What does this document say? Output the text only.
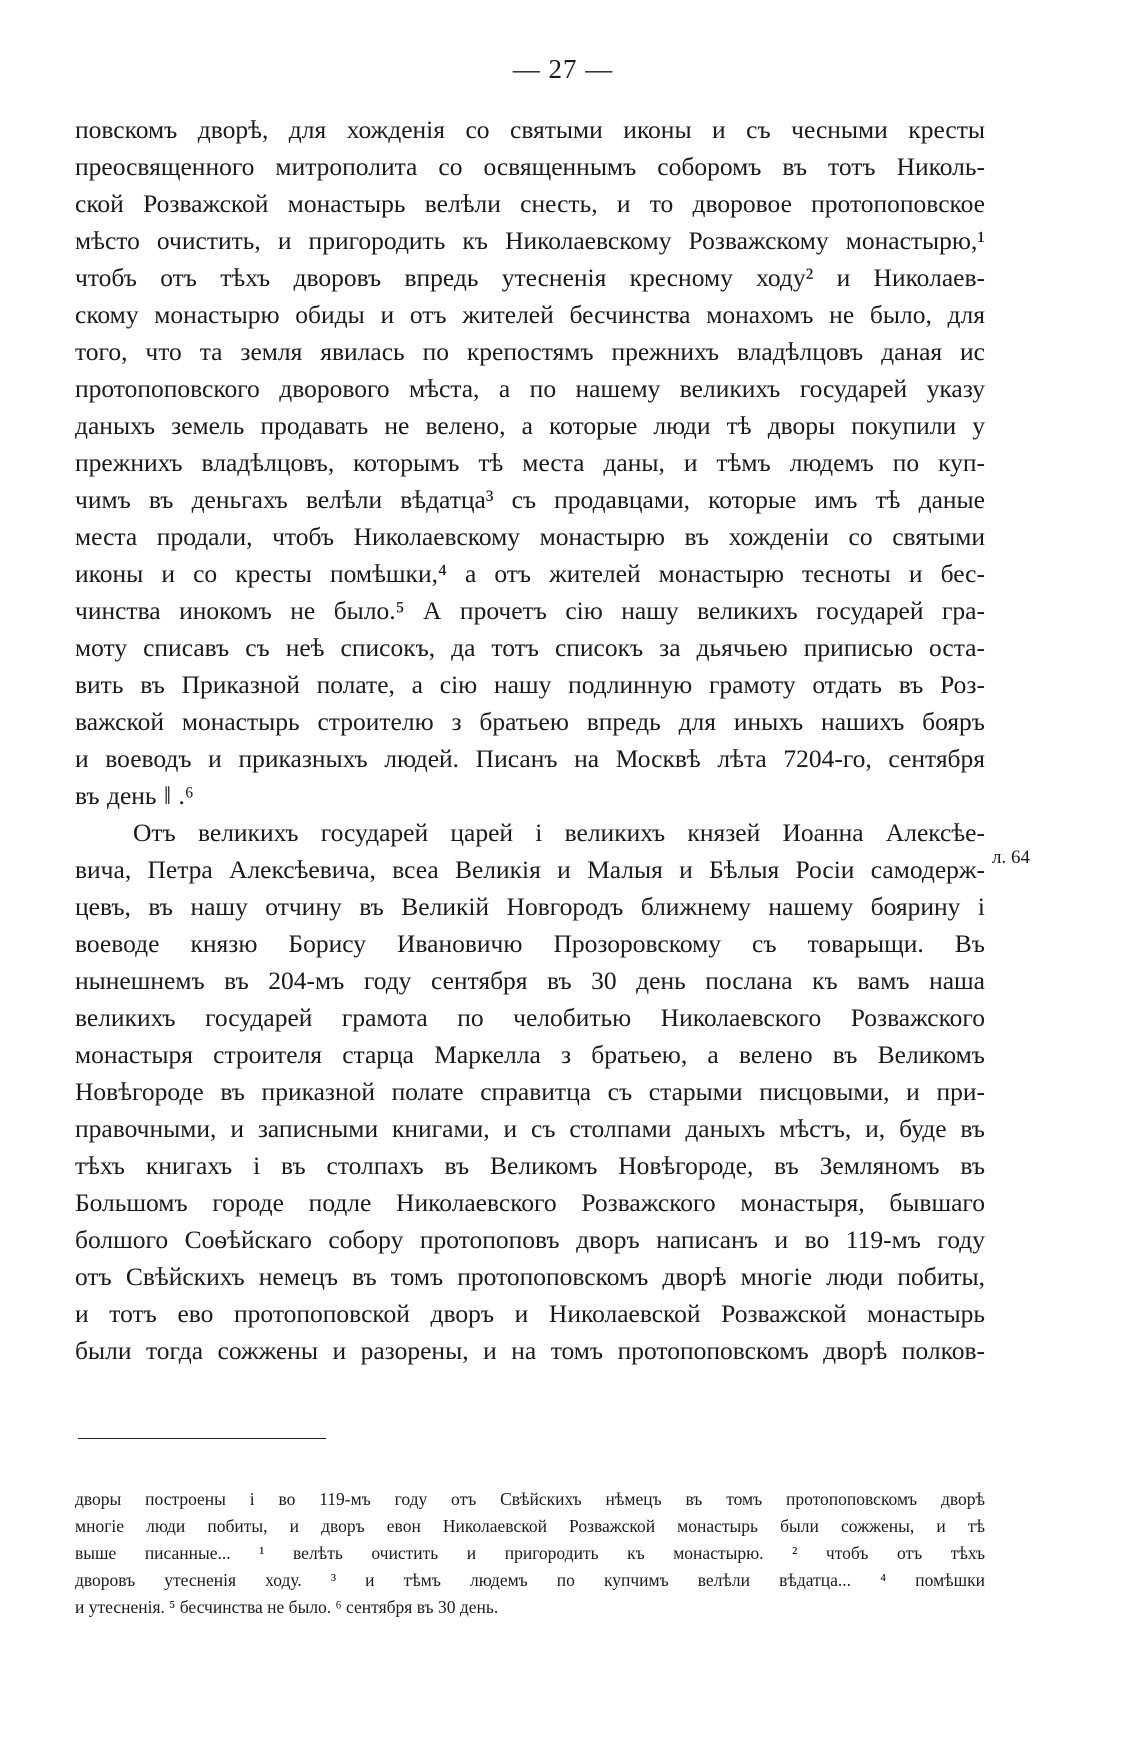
— 27 —
повскомъ дворѣ, для хожденiя со святыми иконы и съ чесными кресты
преосвященного митрополита со освященнымъ соборомъ въ тотъ Николь-
ской Розважской монастырь велѣли снесть, и то дворовое протопоповское
мѣсто очистить, и пригородить къ Николаевскому Розважскому монастырю,¹
чтобъ отъ тѣхъ дворовъ впредь утесненiя кресному ходу² и Николаев-
скому монастырю обиды и отъ жителей бесчинства монахомъ не было, для
того, что та земля явилась по крепостямъ прежнихъ владѣлцовъ даная ис
протопоповского дворового мѣста, а по нашему великихъ государей указу
даныхъ земель продавать не велено, а которые люди тѣ дворы покупили у
прежнихъ владѣлцовъ, которымъ тѣ места даны, и тѣмъ людемъ по куп-
чимъ въ деньгахъ велѣли вѣдатца³ съ продавцами, которые имъ тѣ даные
места продали, чтобъ Николаевскому монастырю въ хожденiи со святыми
иконы и со кресты помѣшки,⁴ а отъ жителей монастырю тесноты и бес-
чинства инокомъ не было.⁵ А прочетъ сiю нашу великихъ государей гра-
моту списавъ съ неѣ списокъ, да тотъ списокъ за дьячьею приписью оста-
вить въ Приказной полате, а сiю нашу подлинную грамоту отдать въ Роз-
важской монастырь строителю з братьею впредь для иныхъ нашихъ бояръ
и воеводъ и приказныхъ людей. Писанъ на Москвѣ лѣта 7204-го, сентября
въ день ‖ .⁶
Отъ великихъ государей царей i великихъ князей Иоанна Алексѣе-
вича, Петра Алексѣевича, всеа Великiя и Малыя и Бѣлыя Росiи самодерж-
цевъ, въ нашу отчину въ Великiй Новгородъ ближнему нашему боярину i
воеводе князю Борису Ивановичю Прозоровскому съ товарыщи. Въ
нынешнемъ въ 204-мъ году сентября въ 30 день послана къ вамъ наша
великихъ государей грамота по челобитью Николаевского Розважского
монастыря строителя старца Маркелла з братьею, а велено въ Великомъ
Новѣгороде въ приказной полате справитца съ старыми писцовыми, и при-
правочными, и записными книгами, и съ столпами даныхъ мѣстъ, и, буде въ
тѣхъ книгахъ i въ столпахъ въ Великомъ Новѣгороде, въ Земляномъ въ
Большомъ городе подле Николаевского Розважского монастыря, бывшаго
болшого Соѳѣйскаго собору протопоповъ дворъ написанъ и во 119-мъ году
отъ Свѣйскихъ немецъ въ томъ протопоповскомъ дворѣ многiе люди побиты,
и тотъ ево протопоповской дворъ и Николаевской Розважской монастырь
были тогда сожжены и разорены, и на томъ протопоповскомъ дворѣ полков-
л. 64
дворы построены i во 119-мъ году отъ Свѣйскихъ нѣмецъ въ томъ протопоповскомъ дворѣ
многiе люди побиты, и дворъ евон Николаевской Розважской монастырь были сожжены, и тѣ
выше писанные... ¹ велѣть очистить и пригородить къ монастырю. ² чтобъ отъ тѣхъ
дворовъ утесненiя ходу. ³ и тѣмъ людемъ по купчимъ велѣли вѣдатца... ⁴ помѣшки
и утесненiя. ⁵ бесчинства не было. ⁶ сентября въ 30 день.
